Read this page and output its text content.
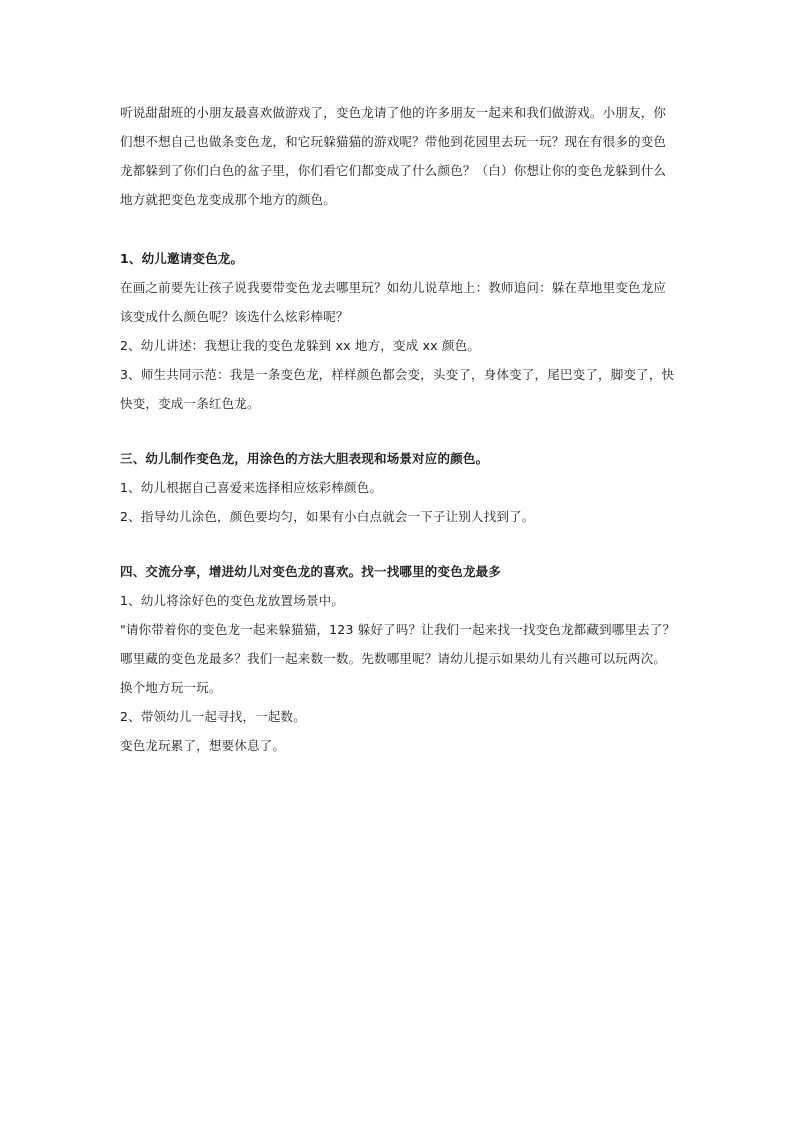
听说甜甜班的小朋友最喜欢做游戏了，变色龙请了他的许多朋友一起来和我们做游戏。小朋友，你们想不想自己也做条变色龙，和它玩躲猫猫的游戏呢？带他到花园里去玩一玩？现在有很多的变色龙都躲到了你们白色的盆子里，你们看它们都变成了什么颜色？（白）你想让你的变色龙躲到什么地方就把变色龙变成那个地方的颜色。

1、幼儿邀请变色龙。

在画之前要先让孩子说我要带变色龙去哪里玩？如幼儿说草地上：教师追问：躲在草地里变色龙应该变成什么颜色呢？该选什么炫彩棒呢？

2、幼儿讲述：我想让我的变色龙躲到 xx 地方，变成 xx 颜色。

3、师生共同示范：我是一条变色龙，样样颜色都会变，头变了，身体变了，尾巴变了，脚变了，快快变，变成一条红色龙。

三、幼儿制作变色龙，用涂色的方法大胆表现和场景对应的颜色。

1、幼儿根据自己喜爱来选择相应炫彩棒颜色。

2、指导幼儿涂色，颜色要均匀，如果有小白点就会一下子让别人找到了。

四、交流分享，增进幼儿对变色龙的喜欢。找一找哪里的变色龙最多

1、幼儿将涂好色的变色龙放置场景中。

"请你带着你的变色龙一起来躲猫猫，123 躲好了吗？让我们一起来找一找变色龙都藏到哪里去了？哪里藏的变色龙最多？我们一起来数一数。先数哪里呢？请幼儿提示如果幼儿有兴趣可以玩两次。换个地方玩一玩。

2、带领幼儿一起寻找，一起数。

变色龙玩累了，想要休息了。
